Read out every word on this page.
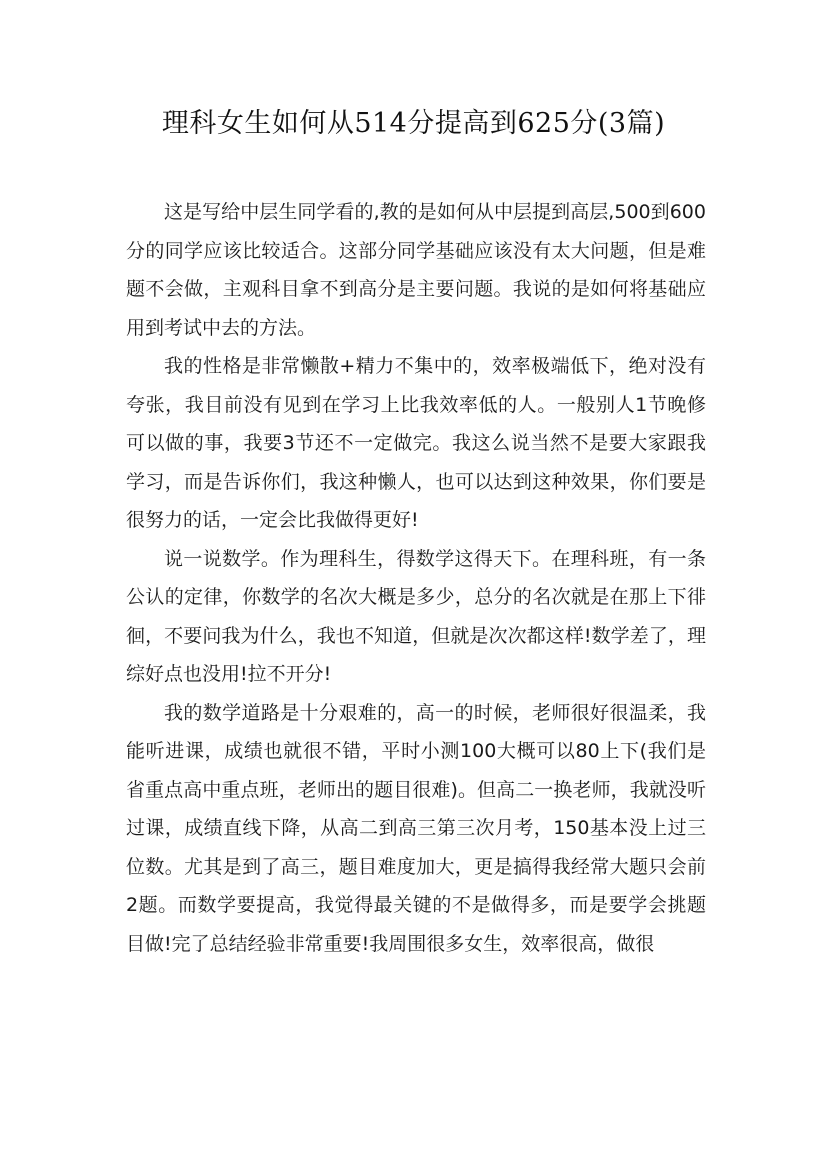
理科女生如何从514分提高到625分(3篇)

这是写给中层生同学看的,教的是如何从中层提到高层,500到600分的同学应该比较适合。这部分同学基础应该没有太大问题，但是难题不会做，主观科目拿不到高分是主要问题。我说的是如何将基础应用到考试中去的方法。

我的性格是非常懒散+精力不集中的，效率极端低下，绝对没有夸张，我目前没有见到在学习上比我效率低的人。一般别人1节晚修可以做的事，我要3节还不一定做完。我这么说当然不是要大家跟我学习，而是告诉你们，我这种懒人，也可以达到这种效果，你们要是很努力的话，一定会比我做得更好!

说一说数学。作为理科生，得数学这得天下。在理科班，有一条公认的定律，你数学的名次大概是多少，总分的名次就是在那上下徘徊，不要问我为什么，我也不知道，但就是次次都这样!数学差了，理综好点也没用!拉不开分!

我的数学道路是十分艰难的，高一的时候，老师很好很温柔，我能听进课，成绩也就很不错，平时小测100大概可以80上下(我们是省重点高中重点班，老师出的题目很难)。但高二一换老师，我就没听过课，成绩直线下降，从高二到高三第三次月考，150基本没上过三位数。尤其是到了高三，题目难度加大，更是搞得我经常大题只会前2题。而数学要提高，我觉得最关键的不是做得多，而是要学会挑题目做!完了总结经验非常重要!我周围很多女生，效率很高，做很
